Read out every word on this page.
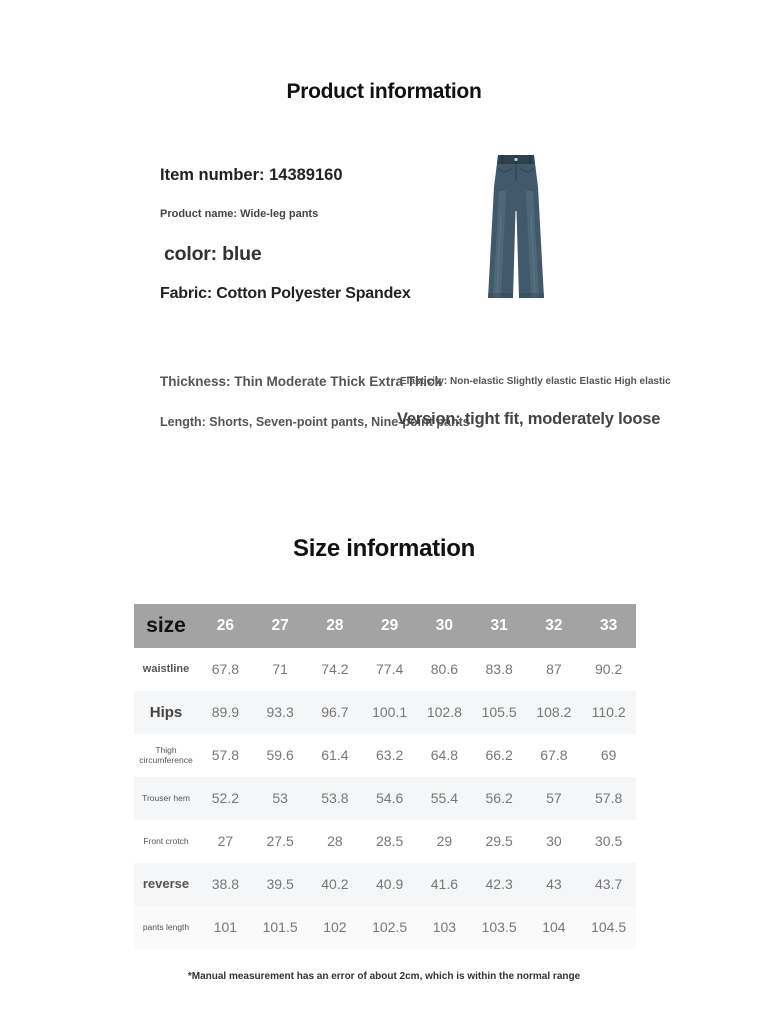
Product information
Item number: 14389160
Product name: Wide-leg pants
color: blue
Fabric: Cotton Polyester Spandex
Thickness: Thin Moderate Thick Extra Thick
Elasticity: Non-elastic Slightly elastic Elastic High elastic
Length: Shorts, Seven-point pants, Nine-point pants
Version: tight fit, moderately loose
Size information
size	26	27	28	29	30	31	32	33
waistline	67.8	71	74.2	77.4	80.6	83.8	87	90.2
Hips	89.9	93.3	96.7	100.1	102.8	105.5	108.2	110.2
Thigh circumference	57.8	59.6	61.4	63.2	64.8	66.2	67.8	69
Trouser hem	52.2	53	53.8	54.6	55.4	56.2	57	57.8
Front crotch	27	27.5	28	28.5	29	29.5	30	30.5
reverse	38.8	39.5	40.2	40.9	41.6	42.3	43	43.7
pants length	101	101.5	102	102.5	103	103.5	104	104.5
*Manual measurement has an error of about 2cm, which is within the normal range
